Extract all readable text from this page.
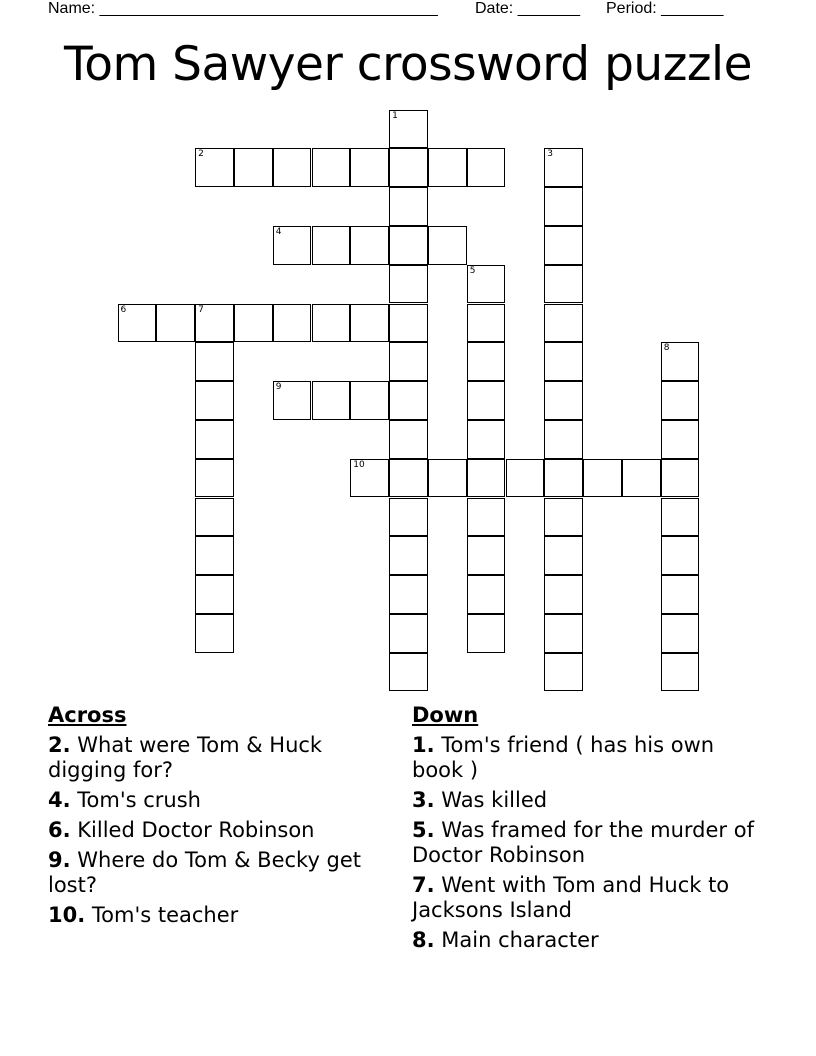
Name: ______________________________________ Date: _______ Period: _______
Tom Sawyer crossword puzzle
1
2	3
4
5
6	7
8
9
10
Across
2. What were Tom & Huck digging for?
4. Tom's crush
6. Killed Doctor Robinson
9. Where do Tom & Becky get lost?
10. Tom's teacher
Down
1. Tom's friend ( has his own book )
3. Was killed
5. Was framed for the murder of Doctor Robinson
7. Went with Tom and Huck to Jacksons Island
8. Main character
